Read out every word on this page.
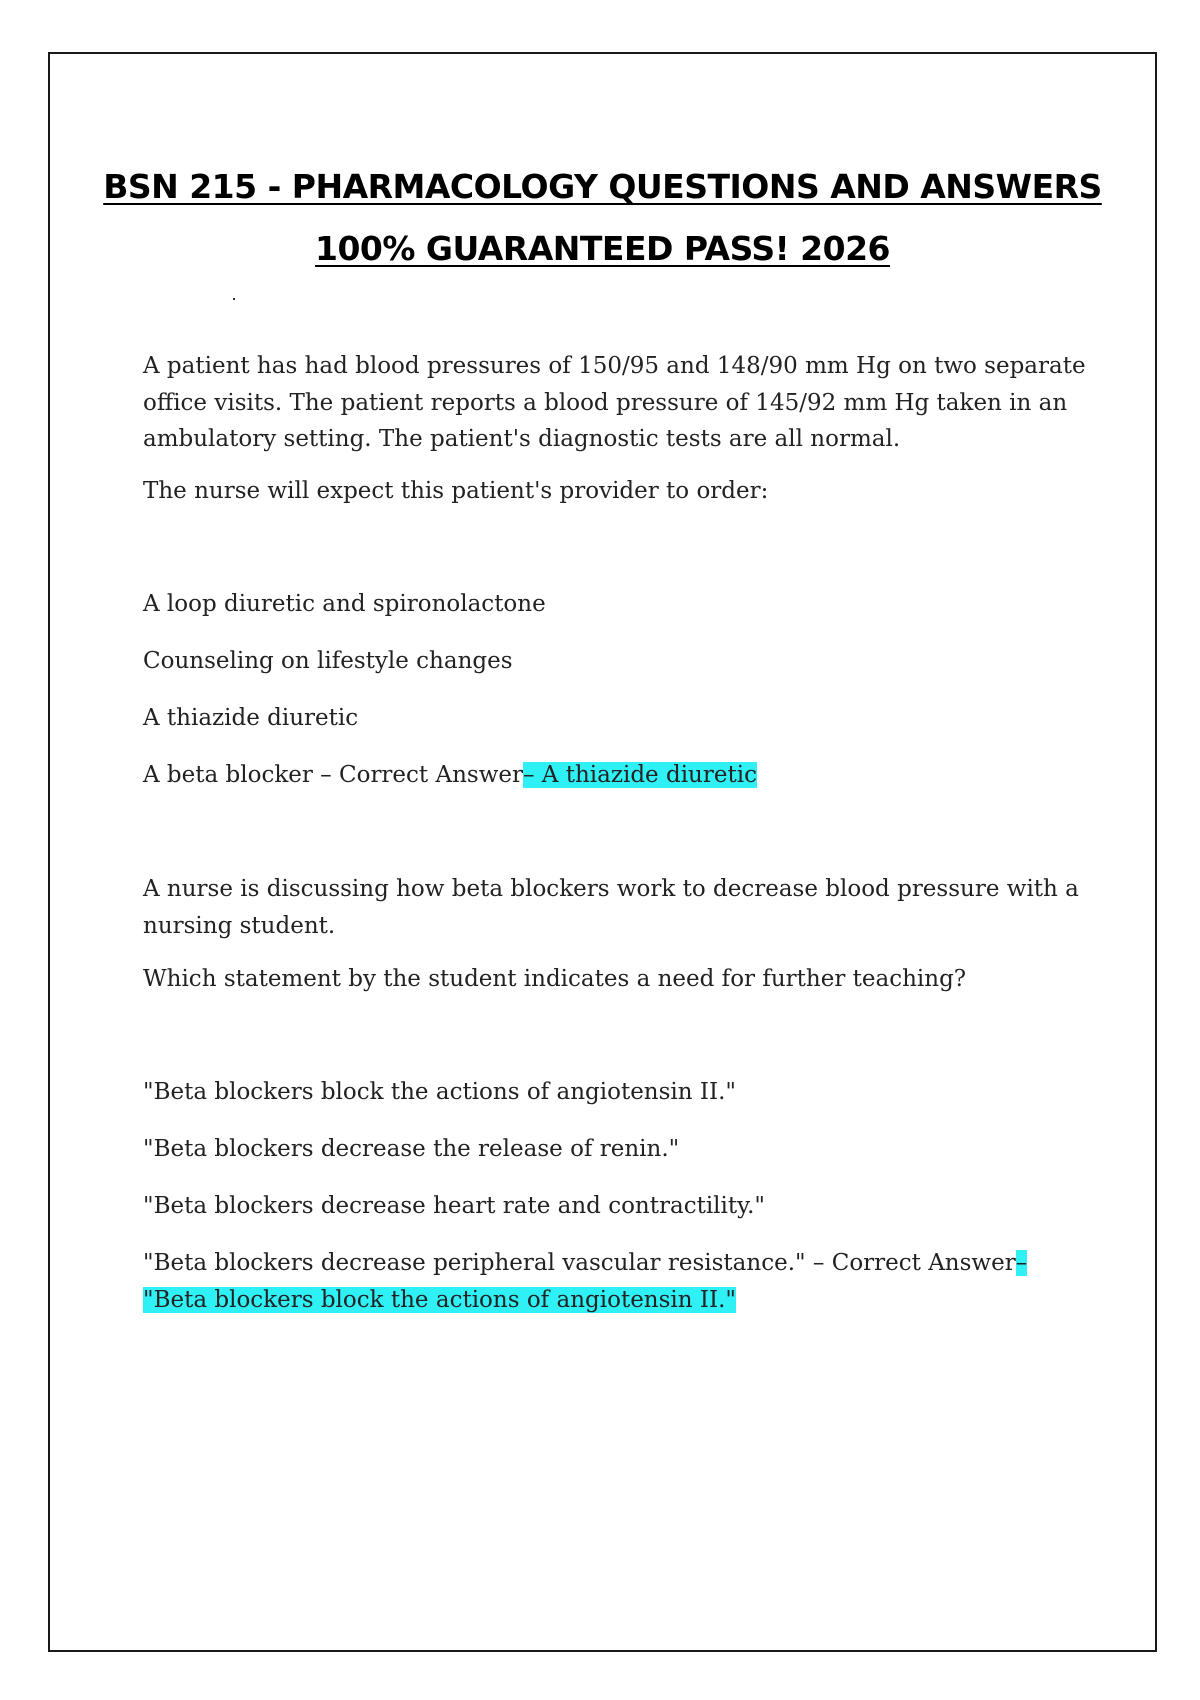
BSN 215 - PHARMACOLOGY QUESTIONS AND ANSWERS
100% GUARANTEED PASS! 2026
A patient has had blood pressures of 150/95 and 148/90 mm Hg on two separate
office visits. The patient reports a blood pressure of 145/92 mm Hg taken in an
ambulatory setting. The patient's diagnostic tests are all normal.
The nurse will expect this patient's provider to order:
A loop diuretic and spironolactone
Counseling on lifestyle changes
A thiazide diuretic
A beta blocker – Correct Answer– A thiazide diuretic
A nurse is discussing how beta blockers work to decrease blood pressure with a
nursing student.
Which statement by the student indicates a need for further teaching?
"Beta blockers block the actions of angiotensin II."
"Beta blockers decrease the release of renin."
"Beta blockers decrease heart rate and contractility."
"Beta blockers decrease peripheral vascular resistance." – Correct Answer–
"Beta blockers block the actions of angiotensin II."
